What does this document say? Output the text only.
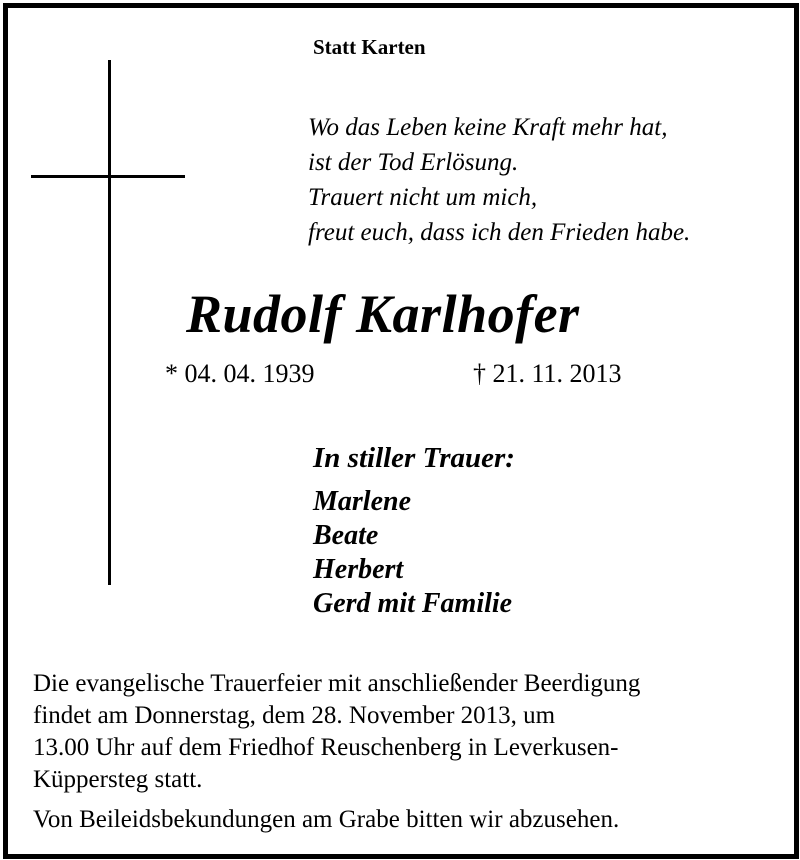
Statt Karten

Wo das Leben keine Kraft mehr hat,
ist der Tod Erlösung.
Trauert nicht um mich,
freut euch, dass ich den Frieden habe.

Rudolf Karlhofer

* 04. 04. 1939	† 21. 11. 2013

In stiller Trauer:

Marlene
Beate
Herbert
Gerd mit Familie
Die evangelische Trauerfeier mit anschließender Beerdigung
findet am Donnerstag, dem 28. November 2013, um
13.00 Uhr auf dem Friedhof Reuschenberg in Leverkusen-
Küppersteg statt.

Von Beileidsbekundungen am Grabe bitten wir abzusehen.
